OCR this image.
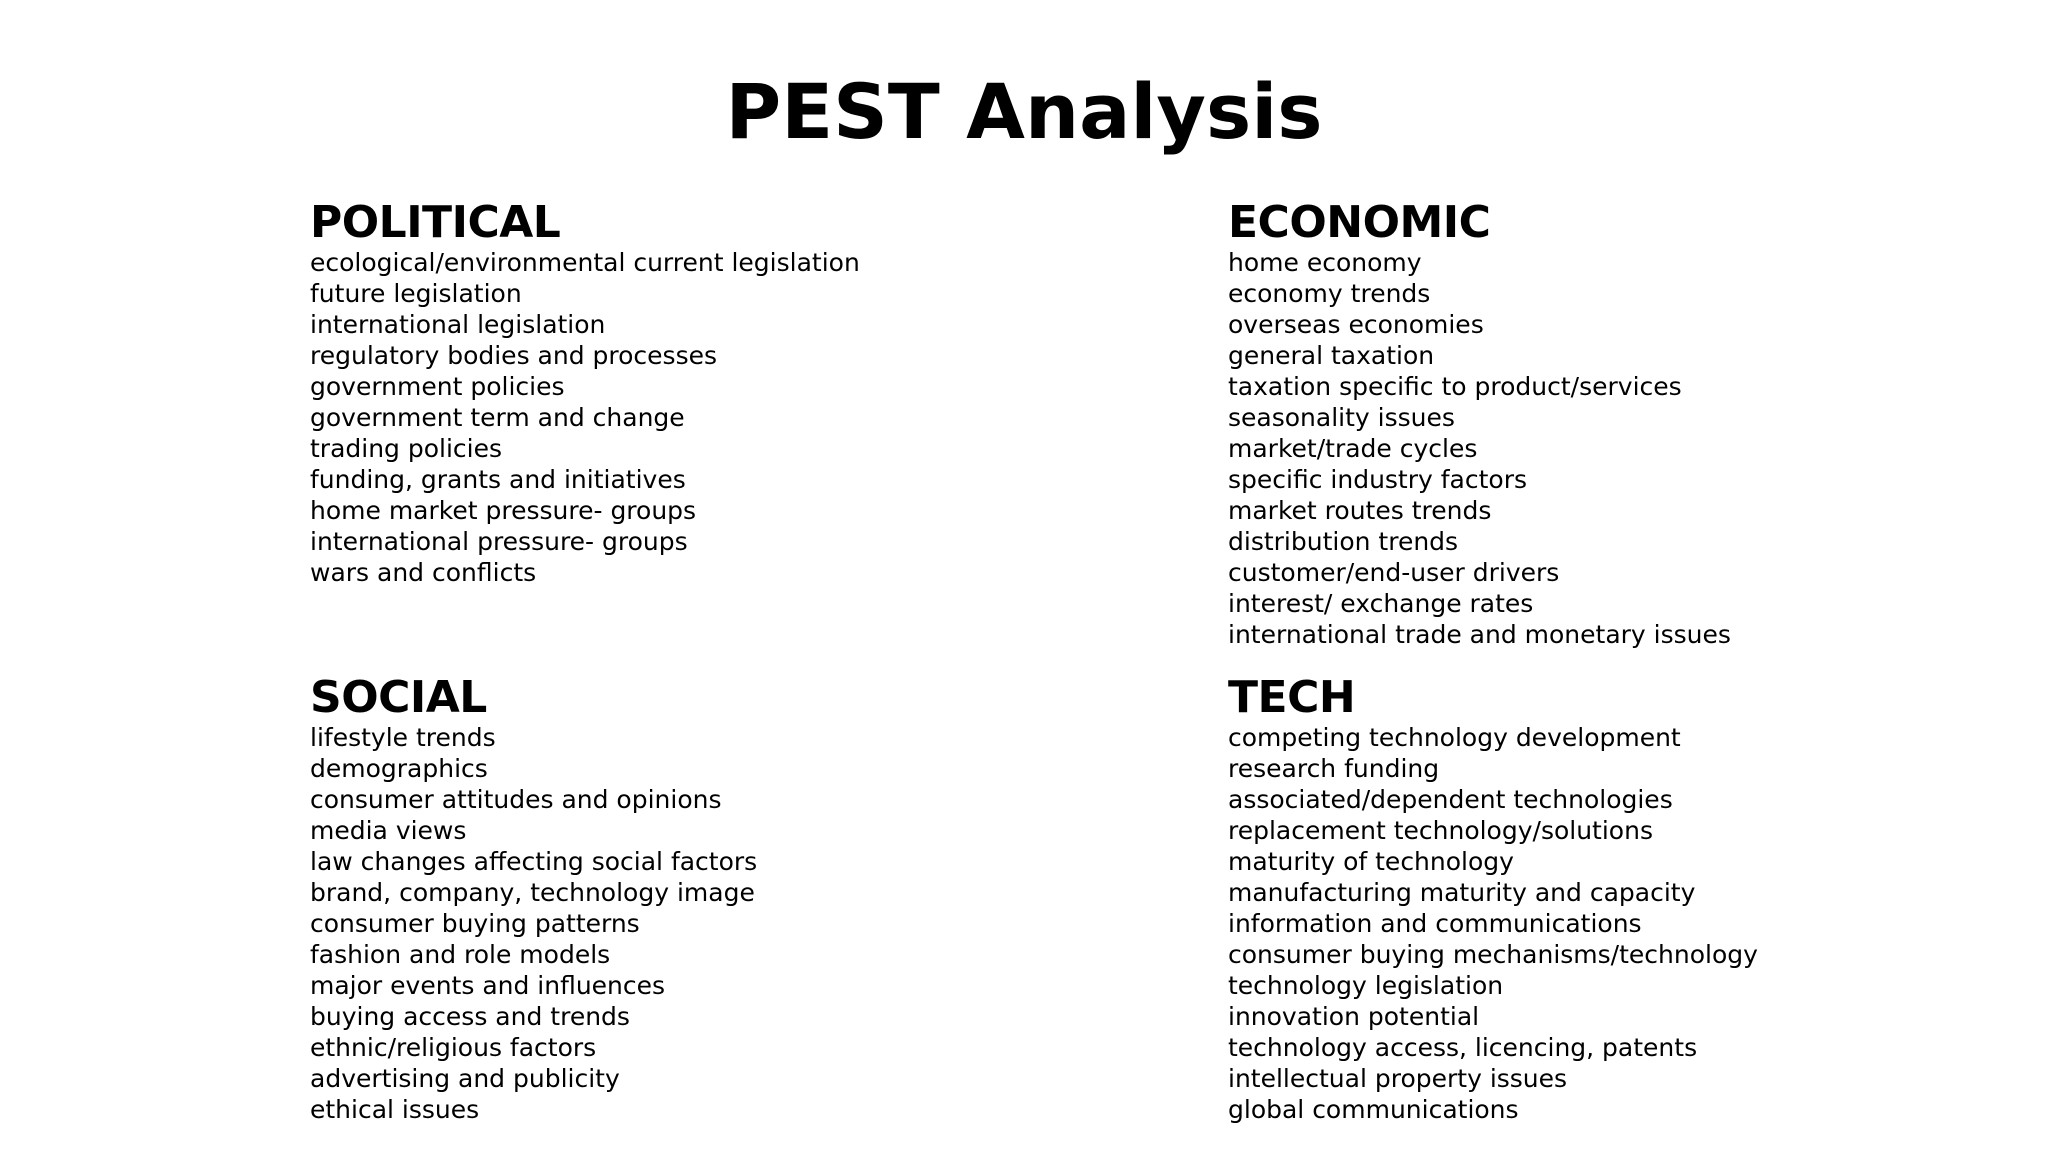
PEST Analysis
POLITICAL
ecological/environmental current legislation
future legislation
international legislation
regulatory bodies and processes
government policies
government term and change
trading policies
funding, grants and initiatives
home market pressure- groups
international pressure- groups
wars and conflicts
ECONOMIC
home economy
economy trends
overseas economies
general taxation
taxation specific to product/services
seasonality issues
market/trade cycles
specific industry factors
market routes trends
distribution trends
customer/end-user drivers
interest/ exchange rates
international trade and monetary issues
SOCIAL
lifestyle trends
demographics
consumer attitudes and opinions
media views
law changes affecting social factors
brand, company, technology image
consumer buying patterns
fashion and role models
major events and influences
buying access and trends
ethnic/religious factors
advertising and publicity
ethical issues
TECH
competing technology development
research funding
associated/dependent technologies
replacement technology/solutions
maturity of technology
manufacturing maturity and capacity
information and communications
consumer buying mechanisms/technology
technology legislation
innovation potential
technology access, licencing, patents
intellectual property issues
global communications
